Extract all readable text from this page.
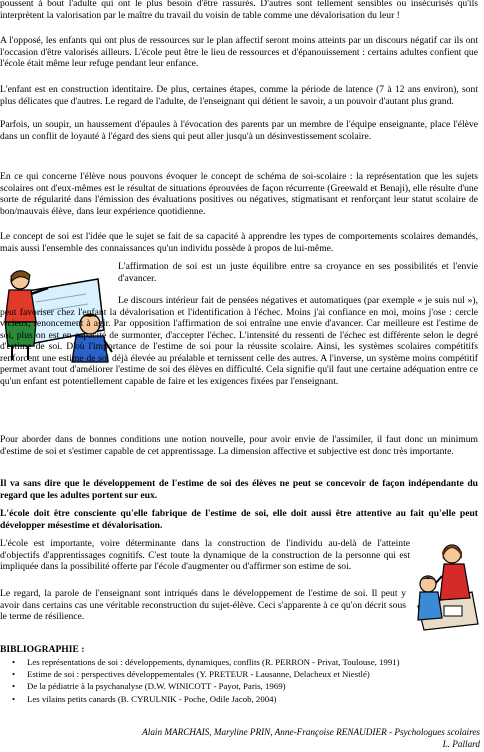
poussent à bout l'adulte qui ont le plus besoin d'être rassurés. D'autres sont tellement sensibles ou insécurisés qu'ils interprètent la valorisation par le maître du travail du voisin de table comme une dévalorisation du leur !

A l'opposé, les enfants qui ont plus de ressources sur le plan affectif seront moins atteints par un discours négatif car ils ont l'occasion d'être valorisés ailleurs. L'école peut être le lieu de ressources et d'épanouissement : certains adultes confient que l'école était même leur refuge pendant leur enfance.

L'enfant est en construction identitaire. De plus, certaines étapes, comme la période de latence (7 à 12 ans environ), sont plus délicates que d'autres. Le regard de l'adulte, de l'enseignant qui détient le savoir, a un pouvoir d'autant plus grand.

Parfois, un soupir, un haussement d'épaules à l'évocation des parents par un membre de l'équipe enseignante, place l'élève dans un conflit de loyauté à l'égard des siens qui peut aller jusqu'à un désinvestissement scolaire.

En ce qui concerne l'élève nous pouvons évoquer le concept de schéma de soi-scolaire : la représentation que les sujets scolaires ont d'eux-mêmes est le résultat de situations éprouvées de façon récurrente (Greewald et Benaji), elle résulte d'une sorte de régularité dans l'émission des évaluations positives ou négatives, stigmatisant et renforçant leur statut scolaire de bon/mauvais élève, dans leur expérience quotidienne.

Le concept de soi est l'idée que le sujet se fait de sa capacité à apprendre les types de comportements scolaires demandés, mais aussi l'ensemble des connaissances qu'un individu possède à propos de lui-même.

L'affirmation de soi est un juste équilibre entre sa croyance en ses possibilités et l'envie d'avancer.

Le discours intérieur fait de pensées négatives et automatiques (par exemple « je suis nul »), peut favoriser chez l'enfant la dévalorisation et l'identification à l'échec. Moins j'ai confiance en moi, moins j'ose : cercle vicieux, renoncement à agir. Par opposition l'affirmation de soi entraîne une envie d'avancer. Car meilleure est l'estime de soi, plus on est en capacité de surmonter, d'accepter l'échec. L'intensité du ressenti de l'échec est différente selon le degré d'estime de soi. D'où l'importance de l'estime de soi pour la réussite scolaire. Ainsi, les systèmes scolaires compétitifs renforcent une estime de soi déjà élevée au préalable et ternissent celle des autres. A l'inverse, un système moins compétitif permet avant tout d'améliorer l'estime de soi des élèves en difficulté. Cela signifie qu'il faut une certaine adéquation entre ce qu'un enfant est potentiellement capable de faire et les exigences fixées par l'enseignant.

Pour aborder dans de bonnes conditions une notion nouvelle, pour avoir envie de l'assimiler, il faut donc un minimum d'estime de soi et s'estimer capable de cet apprentissage. La dimension affective et subjective est donc très importante.

Il va sans dire que le développement de l'estime de soi des élèves ne peut se concevoir de façon indépendante du regard que les adultes portent sur eux.

L'école doit être consciente qu'elle fabrique de l'estime de soi, elle doit aussi être attentive au fait qu'elle peut développer mésestime et dévalorisation.

L'école est importante, voire déterminante dans la construction de l'individu au-delà de l'atteinte d'objectifs d'apprentissages cognitifs. C'est toute la dynamique de la construction de la personne qui est impliquée dans la possibilité offerte par l'école d'augmenter ou d'affirmer son estime de soi.

Le regard, la parole de l'enseignant sont intriqués dans le développement de l'estime de soi. Il peut y avoir dans certains cas une véritable reconstruction du sujet-élève. Ceci s'apparente à ce qu'on décrit sous le terme de résilience.

BIBLIOGRAPHIE :

• Les représentations de soi : développements, dynamiques, conflits (R. PERRON - Privat, Toulouse, 1991)
• Estime de soi : perspectives développementales (Y. PRETEUR - Lausanne, Delacheux et Niestlé)
• De la pédiatrie à la psychanalyse (D.W. WINICOTT - Payot, Paris, 1969)
• Les vilains petits canards (B. CYRULNIK - Poche, Odile Jacob, 2004)

Alain MARCHAIS, Maryline PRIN, Anne-Françoise RENAUDIER - Psychologues scolaires

L. Pallard
